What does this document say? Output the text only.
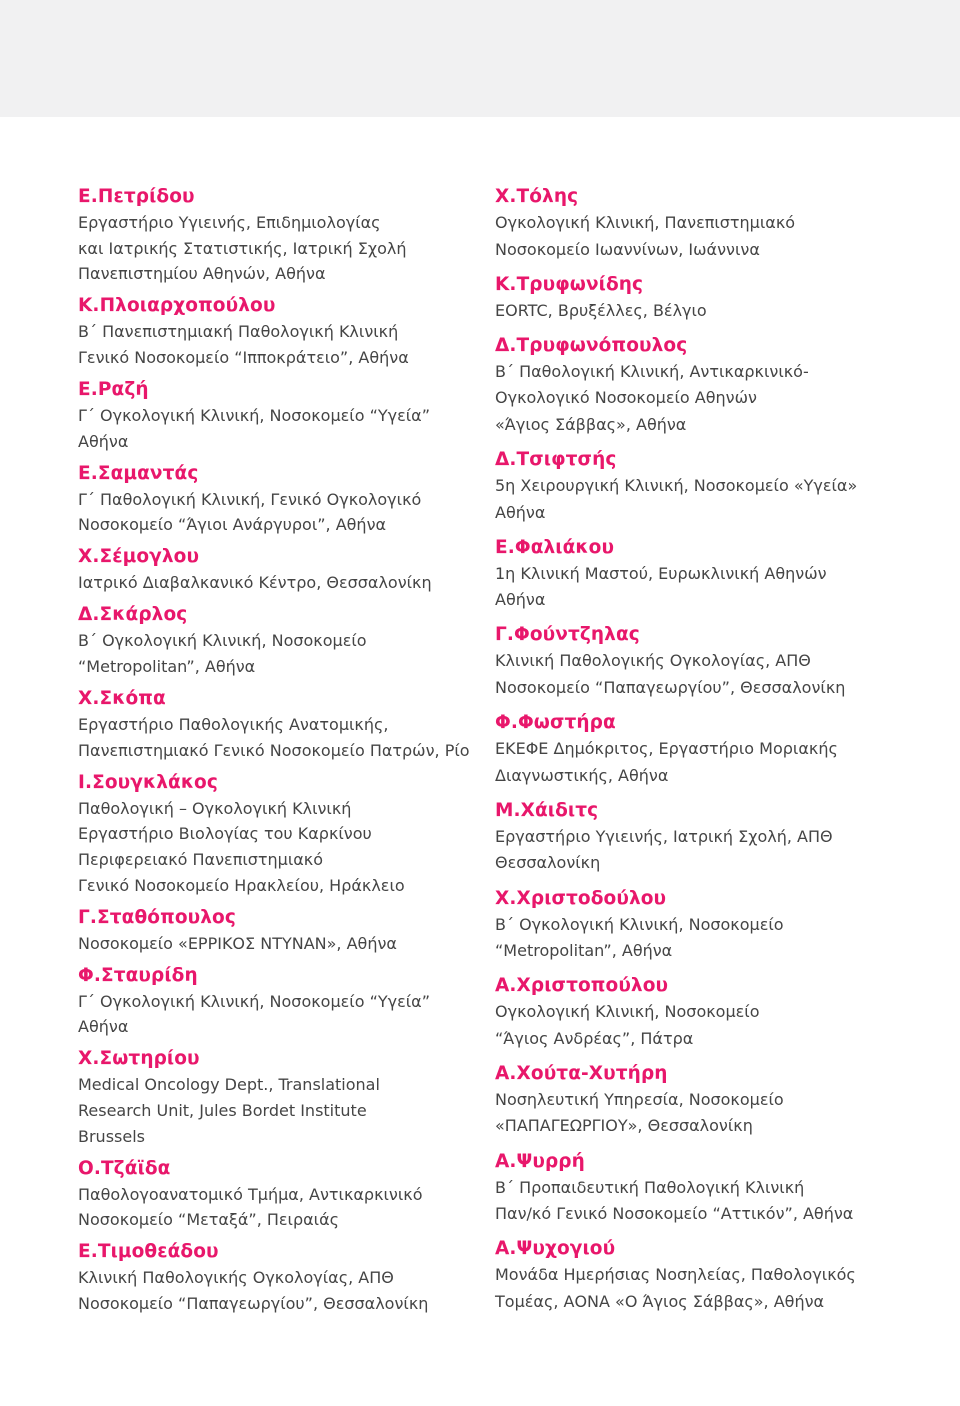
Ε.Πετρίδου
Εργαστήριο Υγιεινής, Επιδημιολογίας
και Ιατρικής Στατιστικής, Ιατρική Σχολή
Πανεπιστημίου Αθηνών, Αθήνα
Κ.Πλοιαρχοπούλου
Β΄ Πανεπιστημιακή Παθολογική Κλινική
Γενικό Νοσοκομείο “Ιπποκράτειο”, Αθήνα
Ε.Ραζή
Γ΄ Ογκολογική Κλινική, Νοσοκομείο “Υγεία”
Αθήνα
Ε.Σαμαντάς
Γ΄ Παθολογική Κλινική, Γενικό Ογκολογικό
Νοσοκομείο “Άγιοι Ανάργυροι”, Αθήνα
Χ.Σέμογλου
Ιατρικό Διαβαλκανικό Κέντρο, Θεσσαλονίκη
Δ.Σκάρλος
Β΄ Ογκολογική Κλινική, Νοσοκομείο
“Metropolitan”, Αθήνα
Χ.Σκόπα
Εργαστήριο Παθολογικής Ανατομικής,
Πανεπιστημιακό Γενικό Νοσοκομείο Πατρών, Ρίο
Ι.Σουγκλάκος
Παθολογική – Ογκολογική Κλινική
Εργαστήριο Βιολογίας του Καρκίνου
Περιφερειακό Πανεπιστημιακό
Γενικό Νοσοκομείο Ηρακλείου, Ηράκλειο
Γ.Σταθόπουλος
Νοσοκομείο «ΕΡΡΙΚΟΣ ΝΤΥΝΑΝ», Αθήνα
Φ.Σταυρίδη
Γ΄ Ογκολογική Κλινική, Νοσοκομείο “Υγεία”
Αθήνα
Χ.Σωτηρίου
Medical Oncology Dept., Translational
Research Unit, Jules Bordet Institute
Brussels
Ο.Τζάϊδα
Παθολογοανατομικό Τμήμα, Αντικαρκινικό
Νοσοκομείο “Μεταξά”, Πειραιάς
Ε.Τιμοθεάδου
Κλινική Παθολογικής Ογκολογίας, ΑΠΘ
Νοσοκομείο “Παπαγεωργίου”, Θεσσαλονίκη
Χ.Τόλης
Ογκολογική Κλινική, Πανεπιστημιακό
Νοσοκομείο Ιωαννίνων, Ιωάννινα
Κ.Τρυφωνίδης
EORTC, Βρυξέλλες, Βέλγιο
Δ.Τρυφωνόπουλος
Β΄ Παθολογική Κλινική, Αντικαρκινικό-
Ογκολογικό Νοσοκομείο Αθηνών
«Άγιος Σάββας», Αθήνα
Δ.Τσιφτσής
5η Χειρουργική Κλινική, Νοσοκομείο «Υγεία»
Αθήνα
Ε.Φαλιάκου
1η Κλινική Μαστού, Ευρωκλινική Αθηνών
Αθήνα
Γ.Φούντζηλας
Κλινική Παθολογικής Ογκολογίας, ΑΠΘ
Νοσοκομείο “Παπαγεωργίου”, Θεσσαλονίκη
Φ.Φωστήρα
ΕΚΕΦΕ Δημόκριτος, Εργαστήριο Μοριακής
Διαγνωστικής, Αθήνα
Μ.Χάιδιτς
Εργαστήριο Υγιεινής, Ιατρική Σχολή, ΑΠΘ
Θεσσαλονίκη
Χ.Χριστοδούλου
Β΄ Ογκολογική Κλινική, Νοσοκομείο
“Metropolitan”, Αθήνα
Α.Χριστοπούλου
Ογκολογική Κλινική, Νοσοκομείο
“Άγιος Ανδρέας”, Πάτρα
Α.Χούτα-Χυτήρη
Νοσηλευτική Υπηρεσία, Νοσοκομείο
«ΠΑΠΑΓΕΩΡΓΙΟΥ», Θεσσαλονίκη
Α.Ψυρρή
Β΄ Προπαιδευτική Παθολογική Κλινική
Παν/κό Γενικό Νοσοκομείο “Αττικόν”, Αθήνα
Α.Ψυχογιού
Μονάδα Ημερήσιας Νοσηλείας, Παθολογικός
Τομέας, ΑΟΝΑ «Ο Άγιος Σάββας», Αθήνα
